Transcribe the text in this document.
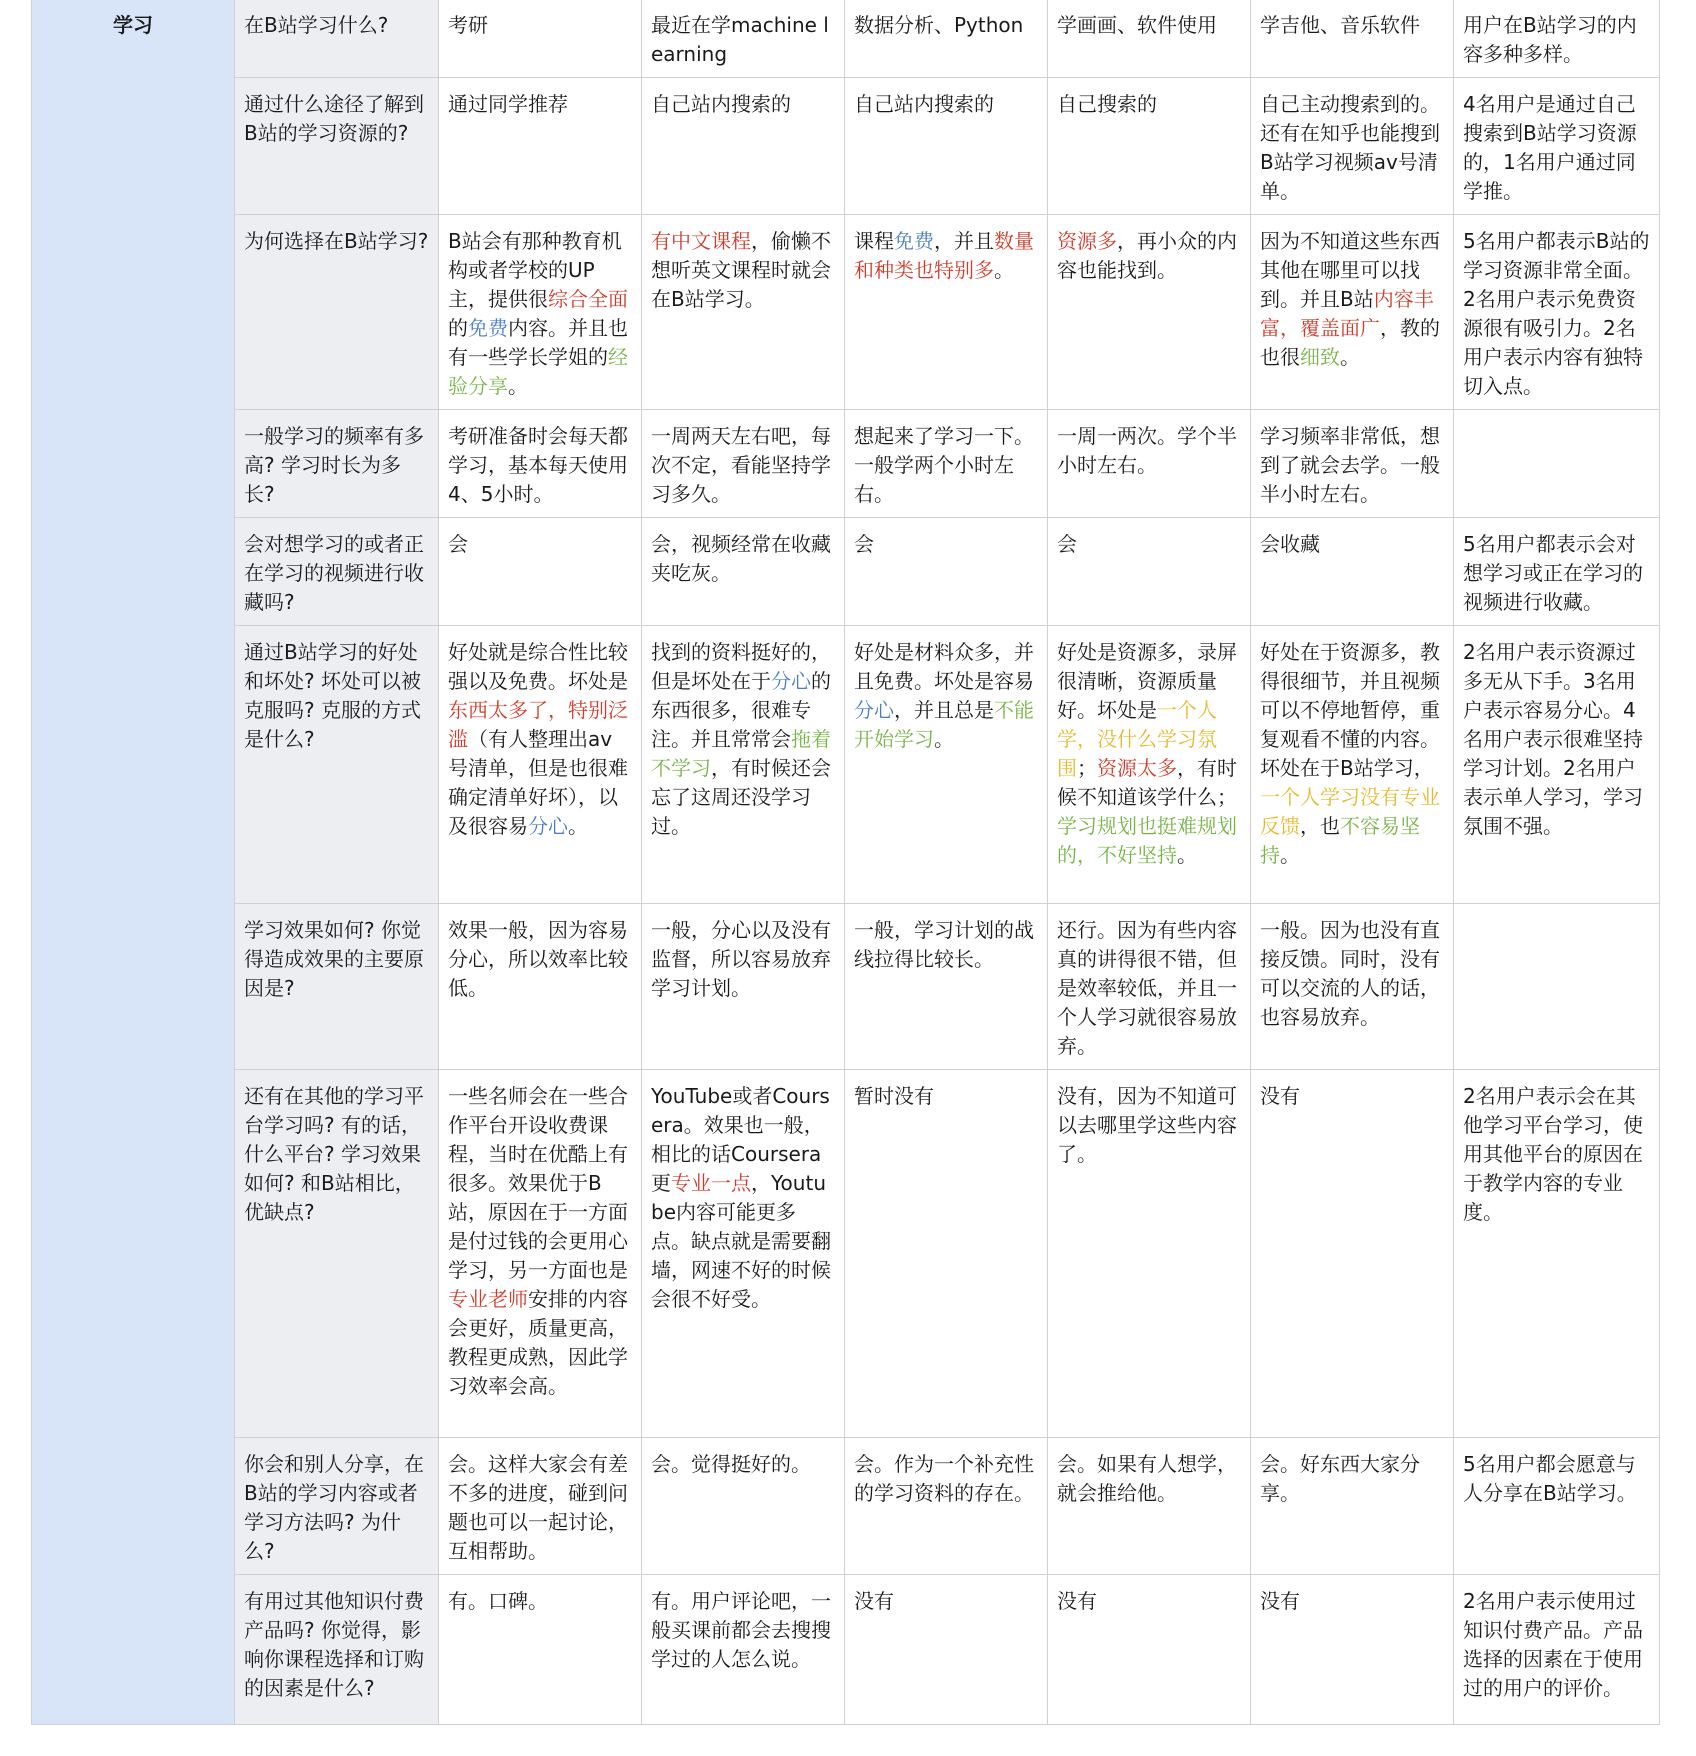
学习	在B站学习什么?	考研	最近在学machine learning	数据分析、Python	学画画、软件使用	学吉他、音乐软件	用户在B站学习的内容多种多样。
	通过什么途径了解到B站的学习资源的?	通过同学推荐	自己站内搜索的	自己站内搜索的	自己搜索的	自己主动搜索到的。还有在知乎也能搜到B站学习视频av号清单。	4名用户是通过自己搜索到B站学习资源的，1名用户通过同学推。
	为何选择在B站学习?	B站会有那种教育机构或者学校的UP主，提供很综合全面的免费内容。并且也有一些学长学姐的经验分享。	有中文课程，偷懒不想听英文课程时就会在B站学习。	课程免费，并且数量和种类也特别多。	资源多，再小众的内容也能找到。	因为不知道这些东西其他在哪里可以找到。并且B站内容丰富，覆盖面广，教的也很细致。	5名用户都表示B站的学习资源非常全面。2名用户表示免费资源很有吸引力。2名用户表示内容有独特切入点。
	一般学习的频率有多高? 学习时长为多长?	考研准备时会每天都学习，基本每天使用4、5小时。	一周两天左右吧，每次不定，看能坚持学习多久。	想起来了学习一下。一般学两个小时左右。	一周一两次。学个半小时左右。	学习频率非常低，想到了就会去学。一般半小时左右。	
	会对想学习的或者正在学习的视频进行收藏吗?	会	会，视频经常在收藏夹吃灰。	会	会	会收藏	5名用户都表示会对想学习或正在学习的视频进行收藏。
	通过B站学习的好处和坏处? 坏处可以被克服吗? 克服的方式是什么?	好处就是综合性比较强以及免费。坏处是东西太多了，特别泛滥（有人整理出av号清单，但是也很难确定清单好坏），以及很容易分心。	找到的资料挺好的，但是坏处在于分心的东西很多，很难专注。并且常常会拖着不学习，有时候还会忘了这周还没学习过。	好处是材料众多，并且免费。坏处是容易分心，并且总是不能开始学习。	好处是资源多，录屏很清晰，资源质量好。坏处是一个人学，没什么学习氛围；资源太多，有时候不知道该学什么；学习规划也挺难规划的，不好坚持。	好处在于资源多，教得很细节，并且视频可以不停地暂停，重复观看不懂的内容。坏处在于B站学习，一个人学习没有专业反馈，也不容易坚持。	2名用户表示资源过多无从下手。3名用户表示容易分心。4名用户表示很难坚持学习计划。2名用户表示单人学习，学习氛围不强。
	学习效果如何? 你觉得造成效果的主要原因是?	效果一般，因为容易分心，所以效率比较低。	一般，分心以及没有监督，所以容易放弃学习计划。	一般，学习计划的战线拉得比较长。	还行。因为有些内容真的讲得很不错，但是效率较低，并且一个人学习就很容易放弃。	一般。因为也没有直接反馈。同时，没有可以交流的人的话，也容易放弃。	
	还有在其他的学习平台学习吗? 有的话，什么平台? 学习效果如何? 和B站相比，优缺点?	一些名师会在一些合作平台开设收费课程，当时在优酷上有很多。效果优于B站，原因在于一方面是付过钱的会更用心学习，另一方面也是专业老师安排的内容会更好，质量更高，教程更成熟，因此学习效率会高。	YouTube或者Coursera。效果也一般，相比的话Coursera更专业一点，Youtube内容可能更多点。缺点就是需要翻墙，网速不好的时候会很不好受。	暂时没有	没有，因为不知道可以去哪里学这些内容了。	没有	2名用户表示会在其他学习平台学习，使用其他平台的原因在于教学内容的专业度。
	你会和别人分享，在B站的学习内容或者学习方法吗? 为什么?	会。这样大家会有差不多的进度，碰到问题也可以一起讨论，互相帮助。	会。觉得挺好的。	会。作为一个补充性的学习资料的存在。	会。如果有人想学，就会推给他。	会。好东西大家分享。	5名用户都会愿意与人分享在B站学习。
	有用过其他知识付费产品吗? 你觉得，影响你课程选择和订购的因素是什么?	有。口碑。	有。用户评论吧，一般买课前都会去搜搜学过的人怎么说。	没有	没有	没有	2名用户表示使用过知识付费产品。产品选择的因素在于使用过的用户的评价。
